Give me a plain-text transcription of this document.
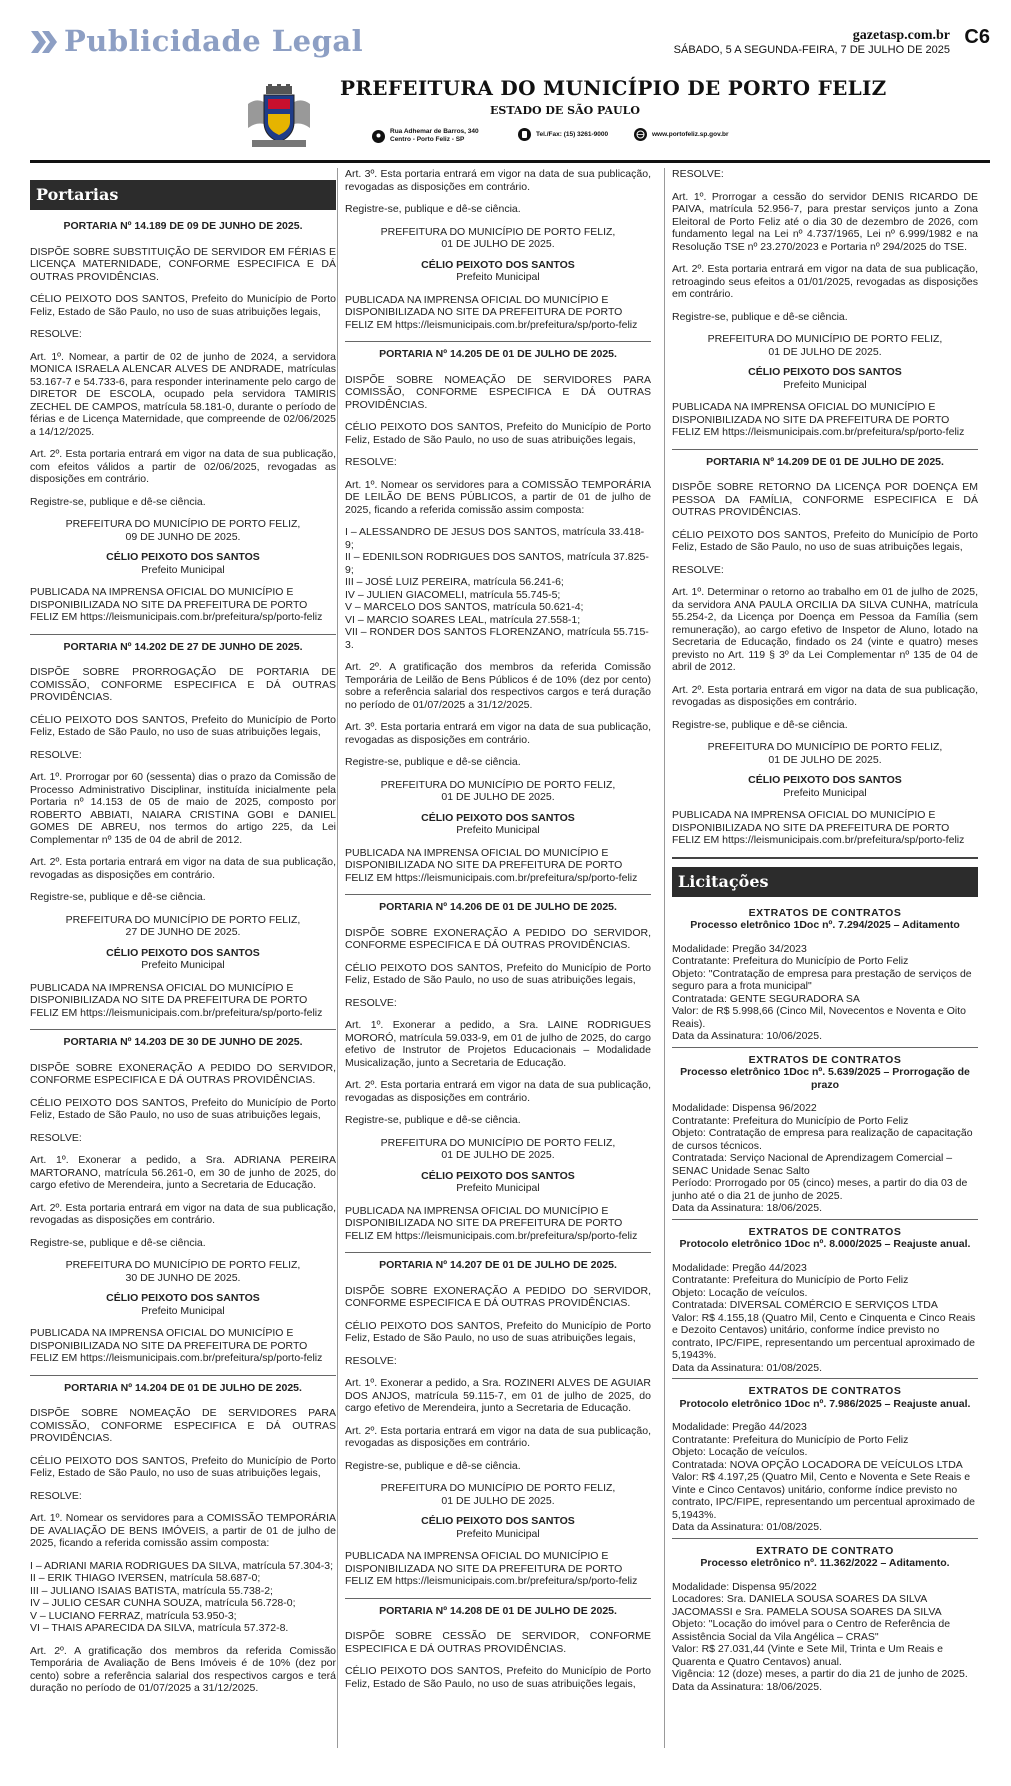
Publicidade Legal	gazetasp.com.br
SÁBADO, 5 A SEGUNDA-FEIRA, 7 DE JULHO DE 2025
C6
PREFEITURA DO MUNICÍPIO DE PORTO FELIZ
ESTADO DE SÃO PAULO
Rua Adhemar de Barros, 340
Centro - Porto Feliz - SP
Tel./Fax: (15) 3261-9000	www.portofeliz.sp.gov.br
Portarias
PORTARIA Nº 14.189 DE 09 DE JUNHO DE 2025.
DISPÕE SOBRE SUBSTITUIÇÃO DE SERVIDOR EM FÉRIAS E LICENÇA MATERNIDADE, CONFORME ESPECIFICA E DÁ OUTRAS PROVIDÊNCIAS.
CÉLIO PEIXOTO DOS SANTOS, Prefeito do Município de Porto Feliz, Estado de São Paulo, no uso de suas atribuições legais,
RESOLVE:
Art. 1º. Nomear, a partir de 02 de junho de 2024, a servidora MONICA ISRAELA ALENCAR ALVES DE ANDRADE, matrículas 53.167-7 e 54.733-6, para responder interinamente pelo cargo de DIRETOR DE ESCOLA, ocupado pela servidora TAMIRIS ZECHEL DE CAMPOS, matrícula 58.181-0, durante o período de férias e de Licença Maternidade, que compreende de 02/06/2025 a 14/12/2025.
Art. 2º. Esta portaria entrará em vigor na data de sua publicação, com efeitos válidos a partir de 02/06/2025, revogadas as disposições em contrário.
Registre-se, publique e dê-se ciência.
PREFEITURA DO MUNICÍPIO DE PORTO FELIZ,
09 DE JUNHO DE 2025.
CÉLIO PEIXOTO DOS SANTOS
Prefeito Municipal
PUBLICADA NA IMPRENSA OFICIAL DO MUNICÍPIO E DISPONIBILIZADA NO SITE DA PREFEITURA DE PORTO FELIZ EM https://leismunicipais.com.br/prefeitura/sp/porto-feliz
PORTARIA Nº 14.202 DE 27 DE JUNHO DE 2025.
DISPÕE SOBRE PRORROGAÇÃO DE PORTARIA DE COMISSÃO, CONFORME ESPECIFICA E DÁ OUTRAS PROVIDÊNCIAS.
CÉLIO PEIXOTO DOS SANTOS, Prefeito do Município de Porto Feliz, Estado de São Paulo, no uso de suas atribuições legais,
RESOLVE:
Art. 1º. Prorrogar por 60 (sessenta) dias o prazo da Comissão de Processo Administrativo Disciplinar, instituída inicialmente pela Portaria nº 14.153 de 05 de maio de 2025, composto por ROBERTO ABBIATI, NAIARA CRISTINA GOBI e DANIEL GOMES DE ABREU, nos termos do artigo 225, da Lei Complementar nº 135 de 04 de abril de 2012.
Art. 2º. Esta portaria entrará em vigor na data de sua publicação, revogadas as disposições em contrário.
Registre-se, publique e dê-se ciência.
PREFEITURA DO MUNICÍPIO DE PORTO FELIZ,
27 DE JUNHO DE 2025.
CÉLIO PEIXOTO DOS SANTOS
Prefeito Municipal
PUBLICADA NA IMPRENSA OFICIAL DO MUNICÍPIO E DISPONIBILIZADA NO SITE DA PREFEITURA DE PORTO FELIZ EM https://leismunicipais.com.br/prefeitura/sp/porto-feliz
PORTARIA Nº 14.203 DE 30 DE JUNHO DE 2025.
DISPÕE SOBRE EXONERAÇÃO A PEDIDO DO SERVIDOR, CONFORME ESPECIFICA E DÁ OUTRAS PROVIDÊNCIAS.
CÉLIO PEIXOTO DOS SANTOS, Prefeito do Município de Porto Feliz, Estado de São Paulo, no uso de suas atribuições legais,
RESOLVE:
Art. 1º. Exonerar a pedido, a Sra. ADRIANA PEREIRA MARTORANO, matrícula 56.261-0, em 30 de junho de 2025, do cargo efetivo de Merendeira, junto a Secretaria de Educação.
Art. 2º. Esta portaria entrará em vigor na data de sua publicação, revogadas as disposições em contrário.
Registre-se, publique e dê-se ciência.
PREFEITURA DO MUNICÍPIO DE PORTO FELIZ,
30 DE JUNHO DE 2025.
CÉLIO PEIXOTO DOS SANTOS
Prefeito Municipal
PUBLICADA NA IMPRENSA OFICIAL DO MUNICÍPIO E DISPONIBILIZADA NO SITE DA PREFEITURA DE PORTO FELIZ EM https://leismunicipais.com.br/prefeitura/sp/porto-feliz
PORTARIA Nº 14.204 DE 01 DE JULHO DE 2025.
DISPÕE SOBRE NOMEAÇÃO DE SERVIDORES PARA COMISSÃO, CONFORME ESPECIFICA E DÁ OUTRAS PROVIDÊNCIAS.
CÉLIO PEIXOTO DOS SANTOS, Prefeito do Município de Porto Feliz, Estado de São Paulo, no uso de suas atribuições legais,
RESOLVE:
Art. 1º. Nomear os servidores para a COMISSÃO TEMPORÁRIA DE AVALIAÇÃO DE BENS IMÓVEIS, a partir de 01 de julho de 2025, ficando a referida comissão assim composta:
I – ADRIANI MARIA RODRIGUES DA SILVA, matrícula 57.304-3;
II – ERIK THIAGO IVERSEN, matrícula 58.687-0;
III – JULIANO ISAIAS BATISTA, matrícula 55.738-2;
IV – JULIO CESAR CUNHA SOUZA, matrícula 56.728-0;
V – LUCIANO FERRAZ, matrícula 53.950-3;
VI – THAIS APARECIDA DA SILVA, matrícula 57.372-8.
Art. 2º. A gratificação dos membros da referida Comissão Temporária de Avaliação de Bens Imóveis é de 10% (dez por cento) sobre a referência salarial dos respectivos cargos e terá duração no período de 01/07/2025 a 31/12/2025.
Art. 3º. Esta portaria entrará em vigor na data de sua publicação, revogadas as disposições em contrário.
Registre-se, publique e dê-se ciência.
PREFEITURA DO MUNICÍPIO DE PORTO FELIZ,
01 DE JULHO DE 2025.
CÉLIO PEIXOTO DOS SANTOS
Prefeito Municipal
PUBLICADA NA IMPRENSA OFICIAL DO MUNICÍPIO E DISPONIBILIZADA NO SITE DA PREFEITURA DE PORTO FELIZ EM https://leismunicipais.com.br/prefeitura/sp/porto-feliz
PORTARIA Nº 14.205 DE 01 DE JULHO DE 2025.
DISPÕE SOBRE NOMEAÇÃO DE SERVIDORES PARA COMISSÃO, CONFORME ESPECIFICA E DÁ OUTRAS PROVIDÊNCIAS.
CÉLIO PEIXOTO DOS SANTOS, Prefeito do Município de Porto Feliz, Estado de São Paulo, no uso de suas atribuições legais,
RESOLVE:
Art. 1º. Nomear os servidores para a COMISSÃO TEMPORÁRIA DE LEILÃO DE BENS PÚBLICOS, a partir de 01 de julho de 2025, ficando a referida comissão assim composta:
I – ALESSANDRO DE JESUS DOS SANTOS, matrícula 33.418-9;
II – EDENILSON RODRIGUES DOS SANTOS, matrícula 37.825-9;
III – JOSÉ LUIZ PEREIRA, matrícula 56.241-6;
IV – JULIEN GIACOMELI, matrícula 55.745-5;
V – MARCELO DOS SANTOS, matrícula 50.621-4;
VI – MARCIO SOARES LEAL, matrícula 27.558-1;
VII – RONDER DOS SANTOS FLORENZANO, matrícula 55.715-3.
Art. 2º. A gratificação dos membros da referida Comissão Temporária de Leilão de Bens Públicos é de 10% (dez por cento) sobre a referência salarial dos respectivos cargos e terá duração no período de 01/07/2025 a 31/12/2025.
Art. 3º. Esta portaria entrará em vigor na data de sua publicação, revogadas as disposições em contrário.
Registre-se, publique e dê-se ciência.
PREFEITURA DO MUNICÍPIO DE PORTO FELIZ,
01 DE JULHO DE 2025.
CÉLIO PEIXOTO DOS SANTOS
Prefeito Municipal
PUBLICADA NA IMPRENSA OFICIAL DO MUNICÍPIO E DISPONIBILIZADA NO SITE DA PREFEITURA DE PORTO FELIZ EM https://leismunicipais.com.br/prefeitura/sp/porto-feliz
PORTARIA Nº 14.206 DE 01 DE JULHO DE 2025.
DISPÕE SOBRE EXONERAÇÃO A PEDIDO DO SERVIDOR, CONFORME ESPECIFICA E DÁ OUTRAS PROVIDÊNCIAS.
CÉLIO PEIXOTO DOS SANTOS, Prefeito do Município de Porto Feliz, Estado de São Paulo, no uso de suas atribuições legais,
RESOLVE:
Art. 1º. Exonerar a pedido, a Sra. LAINE RODRIGUES MORORÓ, matrícula 59.033-9, em 01 de julho de 2025, do cargo efetivo de Instrutor de Projetos Educacionais – Modalidade Musicalização, junto a Secretaria de Educação.
Art. 2º. Esta portaria entrará em vigor na data de sua publicação, revogadas as disposições em contrário.
Registre-se, publique e dê-se ciência.
PREFEITURA DO MUNICÍPIO DE PORTO FELIZ,
01 DE JULHO DE 2025.
CÉLIO PEIXOTO DOS SANTOS
Prefeito Municipal
PUBLICADA NA IMPRENSA OFICIAL DO MUNICÍPIO E DISPONIBILIZADA NO SITE DA PREFEITURA DE PORTO FELIZ EM https://leismunicipais.com.br/prefeitura/sp/porto-feliz
PORTARIA Nº 14.207 DE 01 DE JULHO DE 2025.
DISPÕE SOBRE EXONERAÇÃO A PEDIDO DO SERVIDOR, CONFORME ESPECIFICA E DÁ OUTRAS PROVIDÊNCIAS.
CÉLIO PEIXOTO DOS SANTOS, Prefeito do Município de Porto Feliz, Estado de São Paulo, no uso de suas atribuições legais,
RESOLVE:
Art. 1º. Exonerar a pedido, a Sra. ROZINERI ALVES DE AGUIAR DOS ANJOS, matrícula 59.115-7, em 01 de julho de 2025, do cargo efetivo de Merendeira, junto a Secretaria de Educação.
Art. 2º. Esta portaria entrará em vigor na data de sua publicação, revogadas as disposições em contrário.
Registre-se, publique e dê-se ciência.
PREFEITURA DO MUNICÍPIO DE PORTO FELIZ,
01 DE JULHO DE 2025.
CÉLIO PEIXOTO DOS SANTOS
Prefeito Municipal
PUBLICADA NA IMPRENSA OFICIAL DO MUNICÍPIO E DISPONIBILIZADA NO SITE DA PREFEITURA DE PORTO FELIZ EM https://leismunicipais.com.br/prefeitura/sp/porto-feliz
PORTARIA Nº 14.208 DE 01 DE JULHO DE 2025.
DISPÕE SOBRE CESSÃO DE SERVIDOR, CONFORME ESPECIFICA E DÁ OUTRAS PROVIDÊNCIAS.
CÉLIO PEIXOTO DOS SANTOS, Prefeito do Município de Porto Feliz, Estado de São Paulo, no uso de suas atribuições legais,
RESOLVE:
Art. 1º. Prorrogar a cessão do servidor DENIS RICARDO DE PAIVA, matrícula 52.956-7, para prestar serviços junto a Zona Eleitoral de Porto Feliz até o dia 30 de dezembro de 2026, com fundamento legal na Lei nº 4.737/1965, Lei nº 6.999/1982 e na Resolução TSE nº 23.270/2023 e Portaria nº 294/2025 do TSE.
Art. 2º. Esta portaria entrará em vigor na data de sua publicação, retroagindo seus efeitos a 01/01/2025, revogadas as disposições em contrário.
Registre-se, publique e dê-se ciência.
PREFEITURA DO MUNICÍPIO DE PORTO FELIZ,
01 DE JULHO DE 2025.
CÉLIO PEIXOTO DOS SANTOS
Prefeito Municipal
PUBLICADA NA IMPRENSA OFICIAL DO MUNICÍPIO E DISPONIBILIZADA NO SITE DA PREFEITURA DE PORTO FELIZ EM https://leismunicipais.com.br/prefeitura/sp/porto-feliz
PORTARIA Nº 14.209 DE 01 DE JULHO DE 2025.
DISPÕE SOBRE RETORNO DA LICENÇA POR DOENÇA EM PESSOA DA FAMÍLIA, CONFORME ESPECIFICA E DÁ OUTRAS PROVIDÊNCIAS.
CÉLIO PEIXOTO DOS SANTOS, Prefeito do Município de Porto Feliz, Estado de São Paulo, no uso de suas atribuições legais,
RESOLVE:
Art. 1º. Determinar o retorno ao trabalho em 01 de julho de 2025, da servidora ANA PAULA ORCILIA DA SILVA CUNHA, matrícula 55.254-2, da Licença por Doença em Pessoa da Família (sem remuneração), ao cargo efetivo de Inspetor de Aluno, lotado na Secretaria de Educação, findado os 24 (vinte e quatro) meses previsto no Art. 119 § 3º da Lei Complementar nº 135 de 04 de abril de 2012.
Art. 2º. Esta portaria entrará em vigor na data de sua publicação, revogadas as disposições em contrário.
Registre-se, publique e dê-se ciência.
PREFEITURA DO MUNICÍPIO DE PORTO FELIZ,
01 DE JULHO DE 2025.
CÉLIO PEIXOTO DOS SANTOS
Prefeito Municipal
PUBLICADA NA IMPRENSA OFICIAL DO MUNICÍPIO E DISPONIBILIZADA NO SITE DA PREFEITURA DE PORTO FELIZ EM https://leismunicipais.com.br/prefeitura/sp/porto-feliz
Licitações
EXTRATOS DE CONTRATOS
Processo eletrônico 1Doc nº. 7.294/2025 – Aditamento
Modalidade: Pregão 34/2023
Contratante: Prefeitura do Município de Porto Feliz
Objeto: "Contratação de empresa para prestação de serviços de seguro para a frota municipal"
Contratada: GENTE SEGURADORA SA
Valor: de R$ 5.998,66 (Cinco Mil, Novecentos e Noventa e Oito Reais).
Data da Assinatura: 10/06/2025.
EXTRATOS DE CONTRATOS
Processo eletrônico 1Doc nº. 5.639/2025 – Prorrogação de prazo
Modalidade: Dispensa 96/2022
Contratante: Prefeitura do Município de Porto Feliz
Objeto: Contratação de empresa para realização de capacitação de cursos técnicos.
Contratada: Serviço Nacional de Aprendizagem Comercial – SENAC Unidade Senac Salto
Período: Prorrogado por 05 (cinco) meses, a partir do dia 03 de junho até o dia 21 de junho de 2025.
Data da Assinatura: 18/06/2025.
EXTRATOS DE CONTRATOS
Protocolo eletrônico 1Doc nº. 8.000/2025 – Reajuste anual.
Modalidade: Pregão 44/2023
Contratante: Prefeitura do Município de Porto Feliz
Objeto: Locação de veículos.
Contratada: DIVERSAL COMÉRCIO E SERVIÇOS LTDA
Valor: R$ 4.155,18 (Quatro Mil, Cento e Cinquenta e Cinco Reais e Dezoito Centavos) unitário, conforme índice previsto no contrato, IPC/FIPE, representando um percentual aproximado de 5,1943%.
Data da Assinatura: 01/08/2025.
EXTRATOS DE CONTRATOS
Protocolo eletrônico 1Doc nº. 7.986/2025 – Reajuste anual.
Modalidade: Pregão 44/2023
Contratante: Prefeitura do Município de Porto Feliz
Objeto: Locação de veículos.
Contratada: NOVA OPÇÃO LOCADORA DE VEÍCULOS LTDA
Valor: R$ 4.197,25 (Quatro Mil, Cento e Noventa e Sete Reais e Vinte e Cinco Centavos) unitário, conforme índice previsto no contrato, IPC/FIPE, representando um percentual aproximado de 5,1943%.
Data da Assinatura: 01/08/2025.
EXTRATO DE CONTRATO
Processo eletrônico nº. 11.362/2022 – Aditamento.
Modalidade: Dispensa 95/2022
Locadores: Sra. DANIELA SOUSA SOARES DA SILVA JACOMASSI e Sra. PAMELA SOUSA SOARES DA SILVA
Objeto: "Locação do imóvel para o Centro de Referência de Assistência Social da Vila Angélica – CRAS"
Valor: R$ 27.031,44 (Vinte e Sete Mil, Trinta e Um Reais e Quarenta e Quatro Centavos) anual.
Vigência: 12 (doze) meses, a partir do dia 21 de junho de 2025.
Data da Assinatura: 18/06/2025.
